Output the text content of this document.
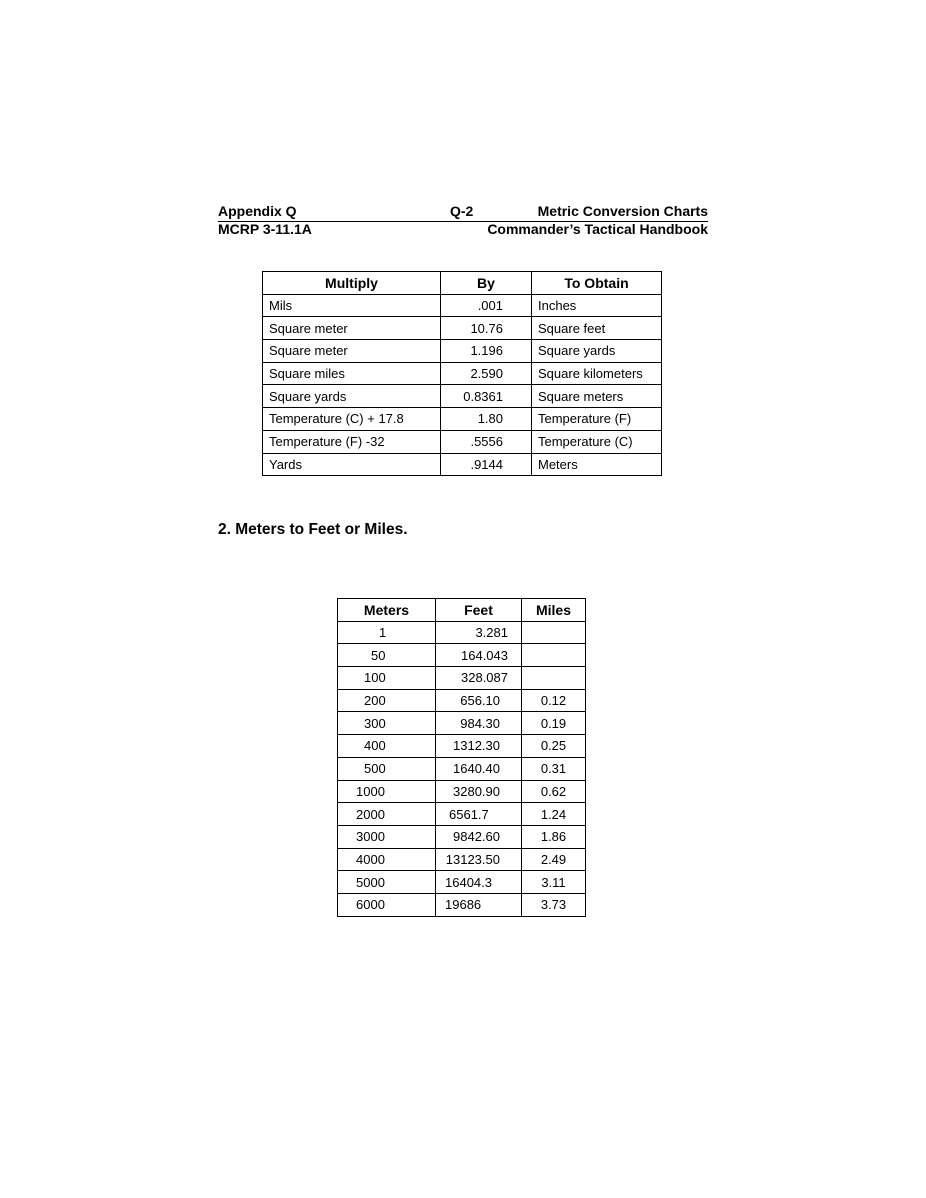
Appendix Q	Q-2	Metric Conversion Charts
MCRP 3-11.1A	Commander’s Tactical Handbook
Multiply	By	To Obtain
Mils	.001	Inches
Square meter	10.76	Square feet
Square meter	1.196	Square yards
Square miles	2.590	Square kilometers
Square yards	0.8361	Square meters
Temperature (C) + 17.8	1.80	Temperature (F)
Temperature (F) -32	.5556	Temperature (C)
Yards	.9144	Meters
2. Meters to Feet or Miles.
Meters	Feet	Miles
1	3.281	
50	164.043	
100	328.087	
200	656.10	0.12
300	984.30	0.19
400	1312.30	0.25
500	1640.40	0.31
1000	3280.90	0.62
2000	6561.7	1.24
3000	9842.60	1.86
4000	13123.50	2.49
5000	16404.3	3.11
6000	19686	3.73
